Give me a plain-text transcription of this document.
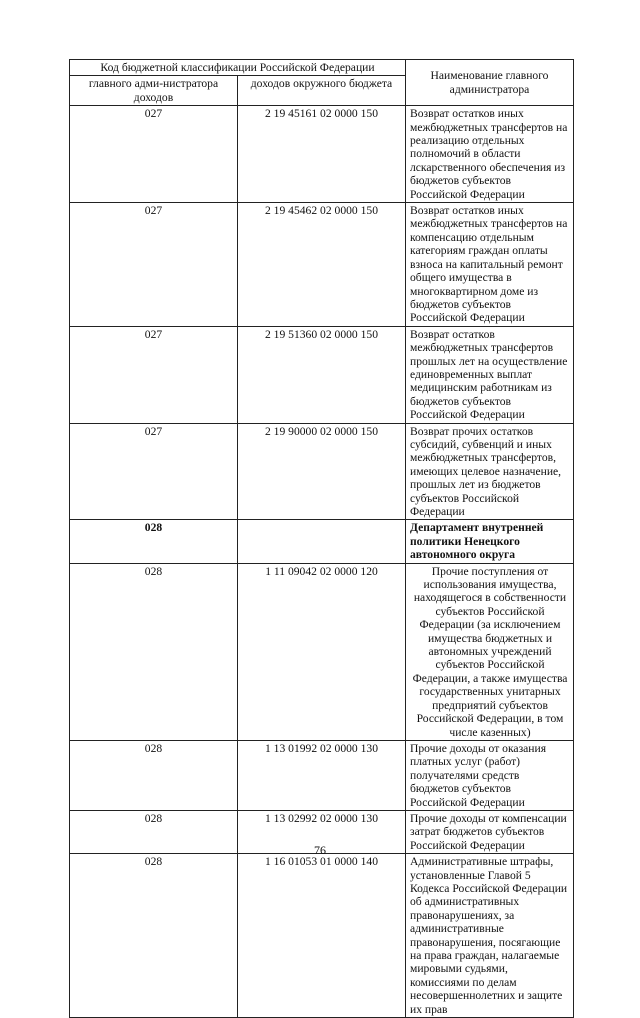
Код бюджетной классификации Российской Федерации		Наименование главного администратора
главного адми-нистратора доходов	доходов окружного бюджета	
027	2 19 45161 02 0000 150	Возврат остатков иных межбюджетных трансфертов на реализацию отдельных полномочий в области лскарственного обеспечения из бюджетов субъектов Российской Федерации
027	2 19 45462 02 0000 150	Возврат остатков иных межбюджетных трансфертов на компенсацию отдельным категориям граждан оплаты взноса на капитальный ремонт общего имущества в многоквартирном доме из бюджетов субъектов Российской Федерации
027	2 19 51360 02 0000 150	Возврат остатков межбюджетных трансфертов прошлых лет на осуществление единовременных выплат медицинским работникам из бюджетов субъектов Российской Федерации
027	2 19 90000 02 0000 150	Возврат прочих остатков субсидий, субвенций и иных межбюджетных трансфертов, имеющих целевое назначение, прошлых лет из бюджетов субъектов Российской Федерации
028		Департамент внутренней политики Ненецкого автономного округа
028	1 11 09042 02 0000 120	Прочие поступления от использования имущества, находящегося в собственности субъектов Российской Федерации (за исключением имущества бюджетных и автономных учреждений субъектов Российской Федерации, а также имущества государственных унитарных предприятий субъектов Российской Федерации, в том числе казенных)
028	1 13 01992 02 0000 130	Прочие доходы от оказания платных услуг (работ) получателями средств бюджетов субъектов Российской Федерации
028	1 13 02992 02 0000 130	Прочие доходы от компенсации затрат бюджетов субъектов Российской Федерации
028	1 16 01053 01 0000 140	Административные штрафы, установленные Главой 5 Кодекса Российской Федерации об административных правонарушениях, за административные правонарушения, посягающие на права граждан, налагаемые мировыми судьями, комиссиями по делам несовершеннолетних и защите их прав
76
